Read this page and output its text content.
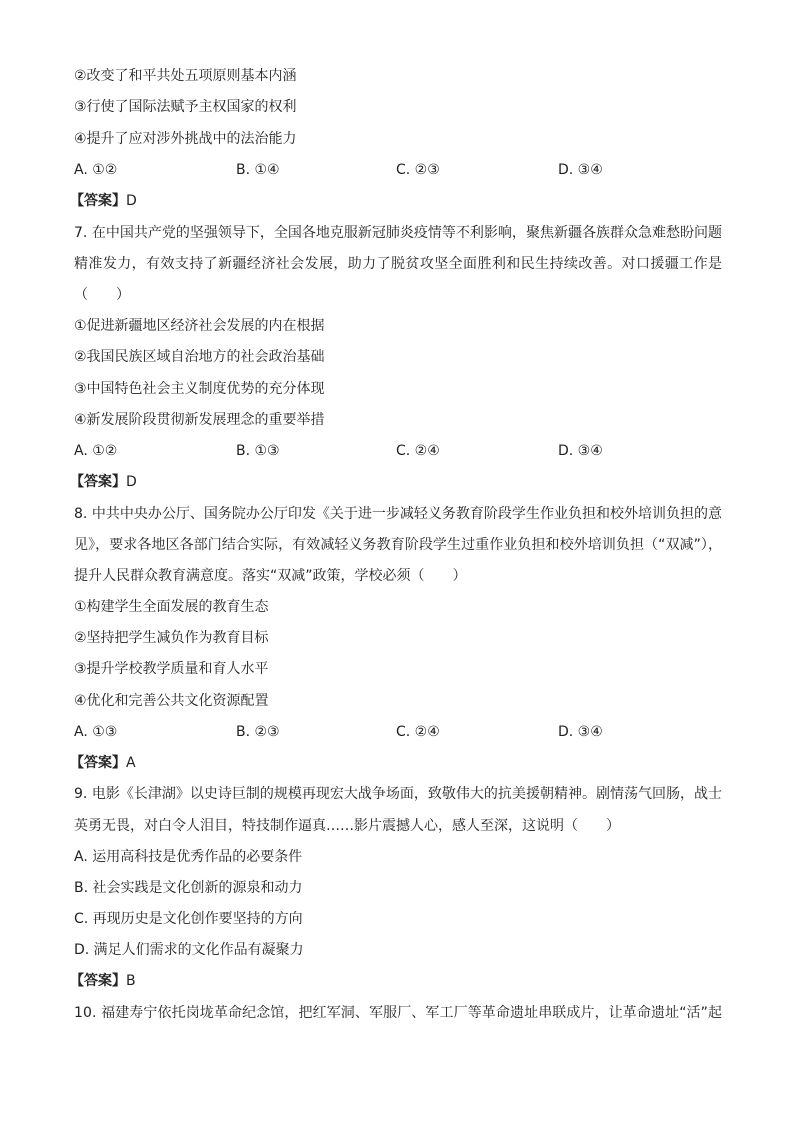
②改变了和平共处五项原则基本内涵
③行使了国际法赋予主权国家的权利
④提升了应对涉外挑战中的法治能力
A. ①②	B. ①④	C. ②③	D. ③④
【答案】D
7. 在中国共产党的坚强领导下，全国各地克服新冠肺炎疫情等不利影响，聚焦新疆各族群众急难愁盼问题
精准发力，有效支持了新疆经济社会发展，助力了脱贫攻坚全面胜利和民生持续改善。对口援疆工作是
（　　）
①促进新疆地区经济社会发展的内在根据
②我国民族区域自治地方的社会政治基础
③中国特色社会主义制度优势的充分体现
④新发展阶段贯彻新发展理念的重要举措
A. ①②	B. ①③	C. ②④	D. ③④
【答案】D
8. 中共中央办公厅、国务院办公厅印发《关于进一步减轻义务教育阶段学生作业负担和校外培训负担的意
见》，要求各地区各部门结合实际，有效减轻义务教育阶段学生过重作业负担和校外培训负担（“双减”），
提升人民群众教育满意度。落实“双减”政策，学校必须（　　）
①构建学生全面发展的教育生态
②坚持把学生减负作为教育目标
③提升学校教学质量和育人水平
④优化和完善公共文化资源配置
A. ①③	B. ②③	C. ②④	D. ③④
【答案】A
9. 电影《长津湖》以史诗巨制的规模再现宏大战争场面，致敬伟大的抗美援朝精神。剧情荡气回肠，战士
英勇无畏，对白令人泪目，特技制作逼真……影片震撼人心，感人至深，这说明（　　）
A. 运用高科技是优秀作品的必要条件
B. 社会实践是文化创新的源泉和动力
C. 再现历史是文化创作要坚持的方向
D. 满足人们需求的文化作品有凝聚力
【答案】B
10. 福建寿宁依托岗垅革命纪念馆，把红军洞、军服厂、军工厂等革命遗址串联成片，让革命遗址“活”起
